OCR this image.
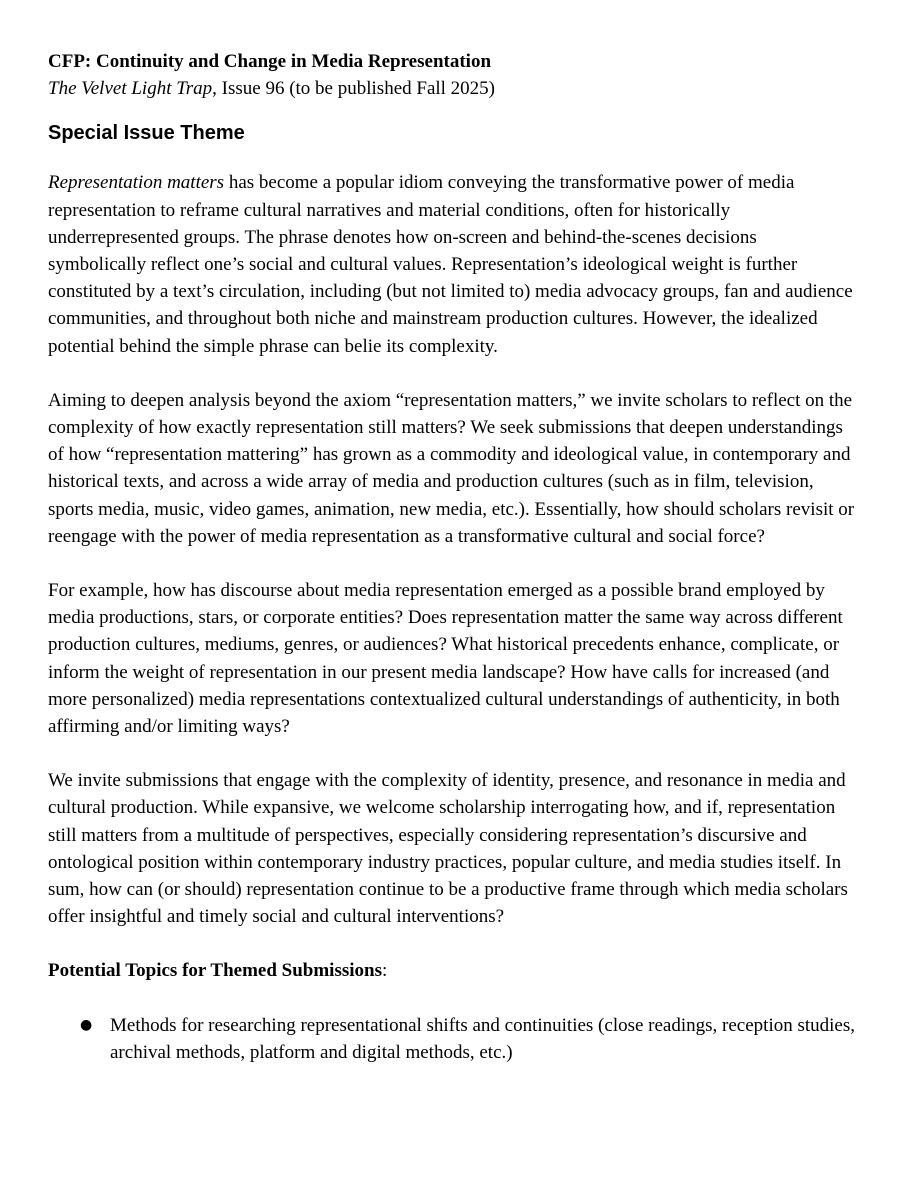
CFP: Continuity and Change in Media Representation

The Velvet Light Trap, Issue 96 (to be published Fall 2025)

Special Issue Theme

Representation matters has become a popular idiom conveying the transformative power of media representation to reframe cultural narratives and material conditions, often for historically underrepresented groups. The phrase denotes how on-screen and behind-the-scenes decisions symbolically reflect one’s social and cultural values. Representation’s ideological weight is further constituted by a text’s circulation, including (but not limited to) media advocacy groups, fan and audience communities, and throughout both niche and mainstream production cultures. However, the idealized potential behind the simple phrase can belie its complexity.

Aiming to deepen analysis beyond the axiom “representation matters,” we invite scholars to reflect on the complexity of how exactly representation still matters? We seek submissions that deepen understandings of how “representation mattering” has grown as a commodity and ideological value, in contemporary and historical texts, and across a wide array of media and production cultures (such as in film, television, sports media, music, video games, animation, new media, etc.). Essentially, how should scholars revisit or reengage with the power of media representation as a transformative cultural and social force?

For example, how has discourse about media representation emerged as a possible brand employed by media productions, stars, or corporate entities? Does representation matter the same way across different production cultures, mediums, genres, or audiences? What historical precedents enhance, complicate, or inform the weight of representation in our present media landscape? How have calls for increased (and more personalized) media representations contextualized cultural understandings of authenticity, in both affirming and/or limiting ways?

We invite submissions that engage with the complexity of identity, presence, and resonance in media and cultural production. While expansive, we welcome scholarship interrogating how, and if, representation still matters from a multitude of perspectives, especially considering representation’s discursive and ontological position within contemporary industry practices, popular culture, and media studies itself. In sum, how can (or should) representation continue to be a productive frame through which media scholars offer insightful and timely social and cultural interventions?

Potential Topics for Themed Submissions:

● Methods for researching representational shifts and continuities (close readings, reception studies, archival methods, platform and digital methods, etc.)
